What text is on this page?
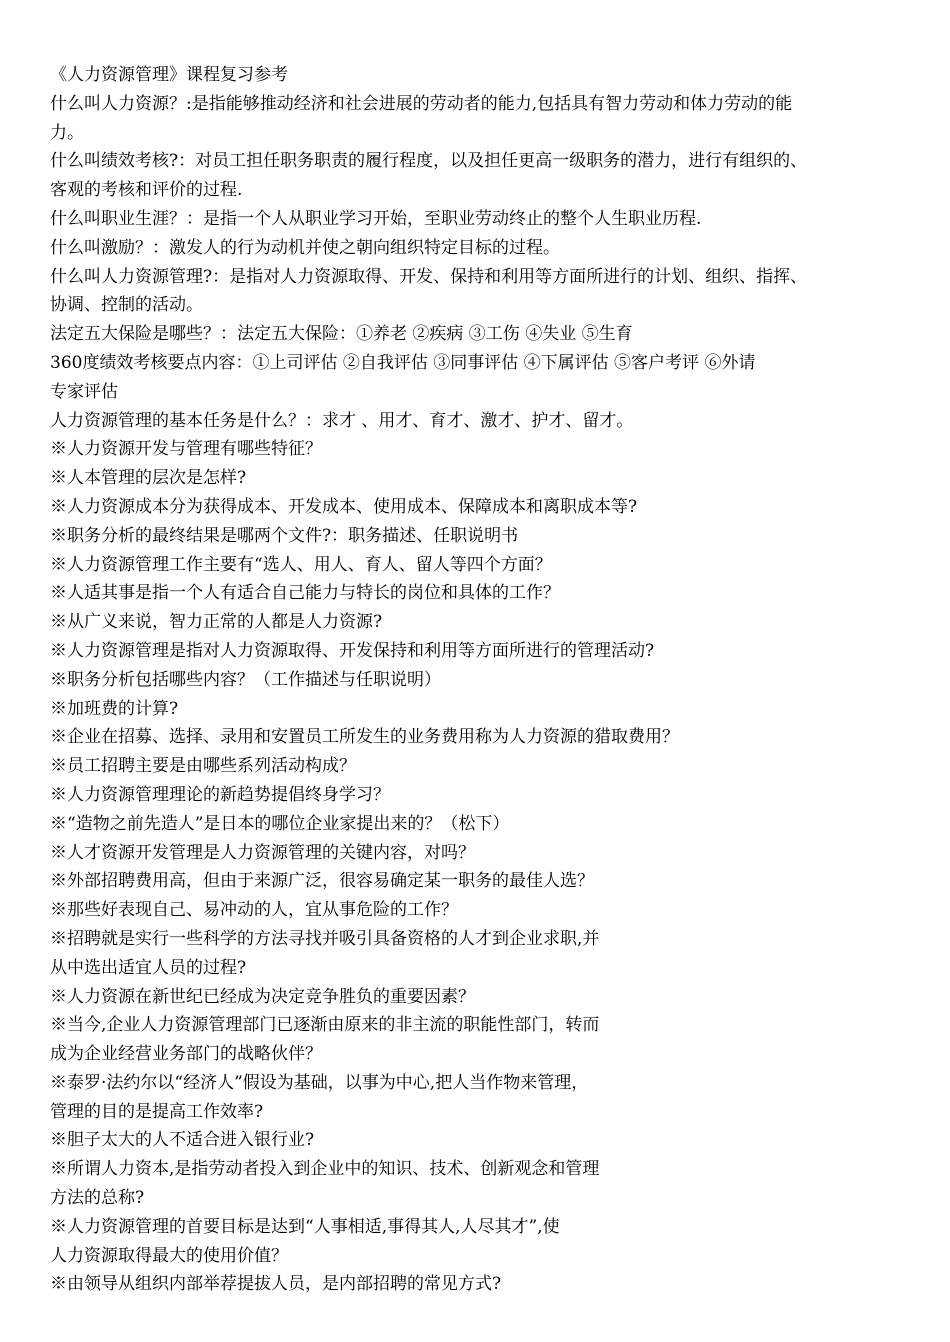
《人力资源管理》课程复习参考

什么叫人力资源？:是指能够推动经济和社会进展的劳动者的能力,包括具有智力劳动和体力劳动的能

力。

什么叫绩效考核?：对员工担任职务职责的履行程度，以及担任更高一级职务的潜力，进行有组织的、

客观的考核和评价的过程.

什么叫职业生涯？：是指一个人从职业学习开始，至职业劳动终止的整个人生职业历程.

什么叫激励？：激发人的行为动机并使之朝向组织特定目标的过程。

什么叫人力资源管理?：是指对人力资源取得、开发、保持和利用等方面所进行的计划、组织、指挥、

协调、控制的活动。

法定五大保险是哪些？：法定五大保险：①养老 ②疾病 ③工伤 ④失业 ⑤生育

360度绩效考核要点内容：①上司评估 ②自我评估 ③同事评估 ④下属评估 ⑤客户考评 ⑥外请

专家评估

人力资源管理的基本任务是什么？：求才 、用才、育才、激才、护才、留才。

※人力资源开发与管理有哪些特征？

※人本管理的层次是怎样?

※人力资源成本分为获得成本、开发成本、使用成本、保障成本和离职成本等?

※职务分析的最终结果是哪两个文件?：职务描述、任职说明书

※人力资源管理工作主要有“选人、用人、育人、留人等四个方面？

※人适其事是指一个人有适合自己能力与特长的岗位和具体的工作？

※从广义来说，智力正常的人都是人力资源?

※人力资源管理是指对人力资源取得、开发保持和利用等方面所进行的管理活动?

※职务分析包括哪些内容？（工作描述与任职说明）

※加班费的计算?

※企业在招募、选择、录用和安置员工所发生的业务费用称为人力资源的猎取费用？

※员工招聘主要是由哪些系列活动构成？

※人力资源管理理论的新趋势提倡终身学习？

※“造物之前先造人”是日本的哪位企业家提出来的？（松下）

※人才资源开发管理是人力资源管理的关键内容，对吗？

※外部招聘费用高，但由于来源广泛，很容易确定某一职务的最佳人选？

※那些好表现自己、易冲动的人，宜从事危险的工作？

※招聘就是实行一些科学的方法寻找并吸引具备资格的人才到企业求职,并

从中选出适宜人员的过程?

※人力资源在新世纪已经成为决定竞争胜负的重要因素？

※当今,企业人力资源管理部门已逐渐由原来的非主流的职能性部门，转而

成为企业经营业务部门的战略伙伴？

※泰罗·法约尔以“经济人”假设为基础，以事为中心,把人当作物来管理，

管理的目的是提高工作效率?

※胆子太大的人不适合进入银行业?

※所谓人力资本,是指劳动者投入到企业中的知识、技术、创新观念和管理

方法的总称?

※人力资源管理的首要目标是达到“人事相适,事得其人,人尽其才”,使

人力资源取得最大的使用价值？

※由领导从组织内部举荐提拔人员，是内部招聘的常见方式?
